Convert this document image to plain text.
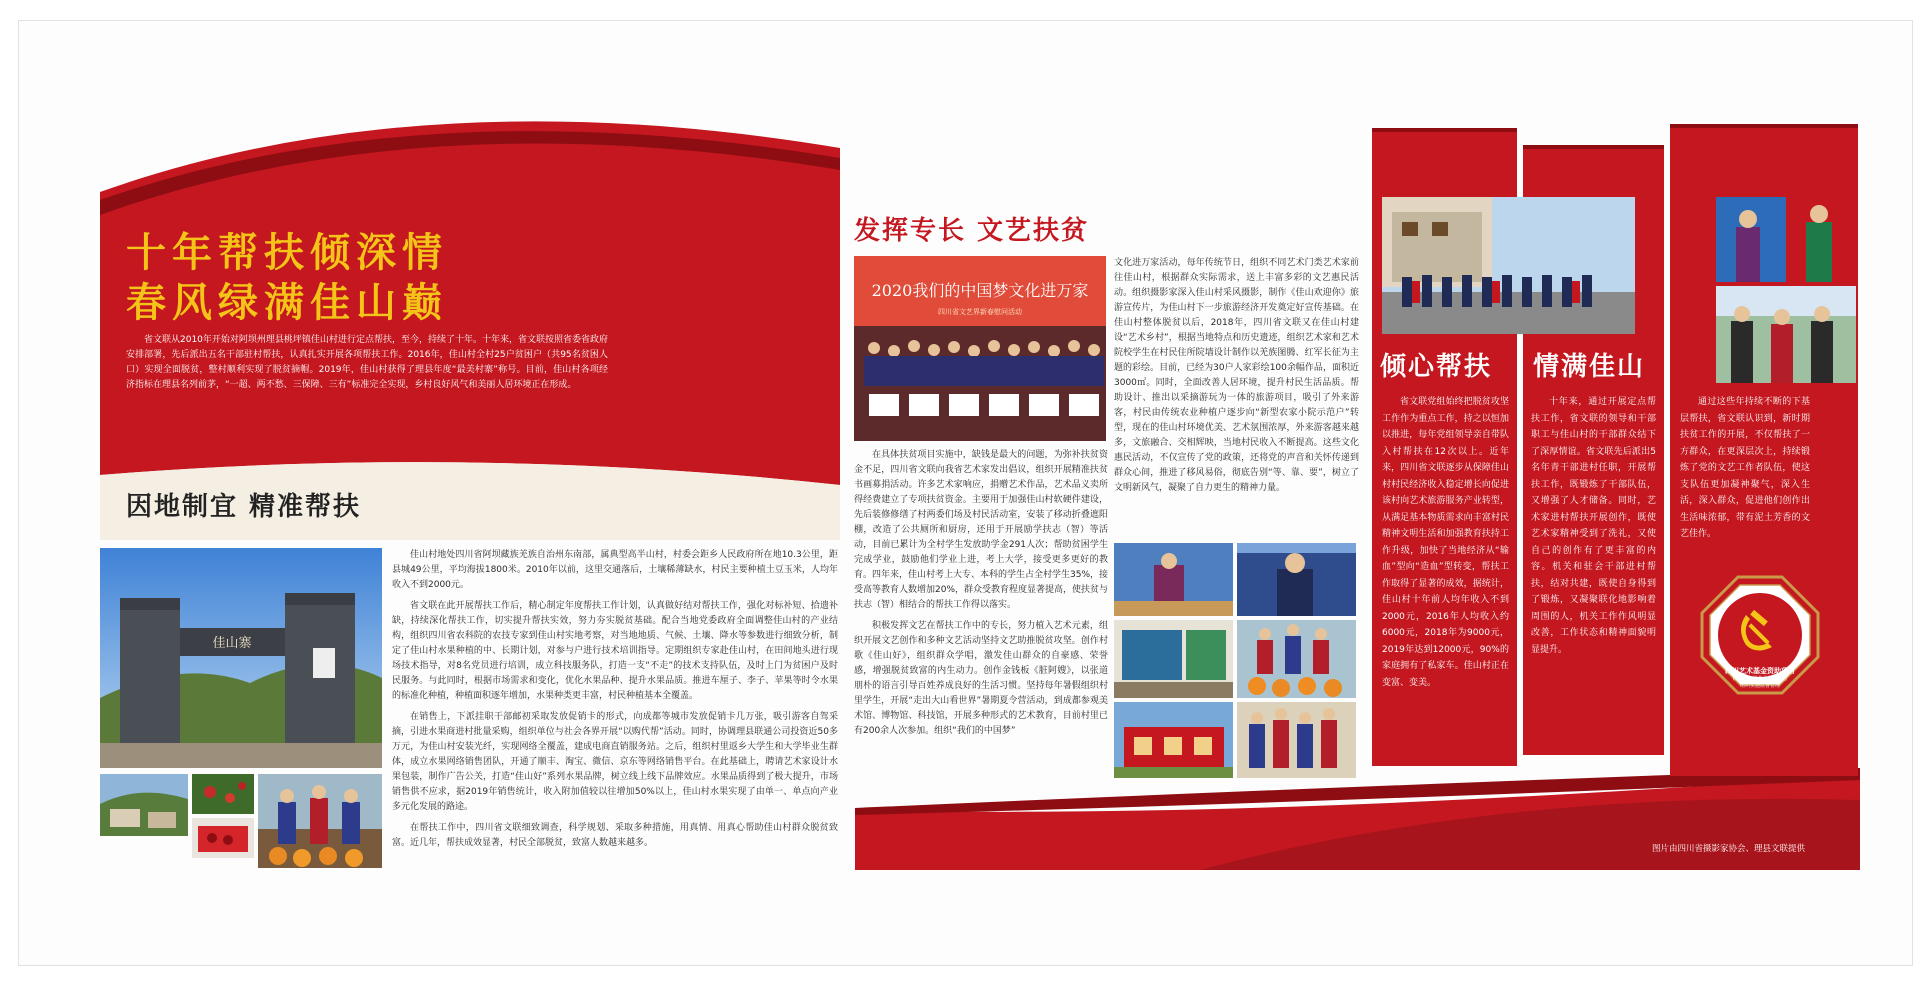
十年帮扶倾深情

春风绿满佳山巅

省文联从2010年开始对阿坝州理县桃坪镇佳山村进行定点帮扶，至今，持续了十年。十年来，省文联按照省委省政府安排部署，先后派出五名干部驻村帮扶，认真扎实开展各项帮扶工作。2016年，佳山村全村25户贫困户（共95名贫困人口）实现全面脱贫，整村顺利实现了脱贫摘帽。2019年，佳山村获得了理县年度“最美村寨”称号。目前，佳山村各项经济指标在理县名列前茅，“一超、两不愁、三保障、三有”标准完全实现，乡村良好风气和美丽人居环境正在形成。

因地制宜 精准帮扶

佳山寨

佳山村地处四川省阿坝藏族羌族自治州东南部，属典型高半山村，村委会距乡人民政府所在地10.3公里，距县城49公里，平均海拔1800米。2010年以前，这里交通落后，土壤稀薄缺水，村民主要种植土豆玉米，人均年收入不到2000元。

省文联在此开展帮扶工作后，精心制定年度帮扶工作计划，认真做好结对帮扶工作，强化对标补短、拾遗补缺，持续深化帮扶工作，切实提升帮扶实效，努力夯实脱贫基础。配合当地党委政府全面调整佳山村的产业结构，组织四川省农科院的农技专家到佳山村实地考察，对当地地质、气候、土壤、降水等参数进行细致分析，制定了佳山村水果种植的中、长期计划，对参与户进行技术培训指导。定期组织专家赴佳山村，在田间地头进行现场技术指导，对8名党员进行培训，成立科技服务队，打造一支“不走”的技术支持队伍，及时上门为贫困户及时民服务。与此同时，根据市场需求和变化，优化水果品种、提升水果品质。推进车厘子、李子、苹果等时令水果的标准化种植，种植面积逐年增加，水果种类更丰富，村民种植基本全覆盖。

在销售上，下派挂职干部邮初采取发放促销卡的形式，向成都等城市发放促销卡几万张，吸引游客自驾采摘，引进水果商进村批量采购，组织单位与社会各界开展“以购代帮”活动。同时，协调理县联通公司投资近50多万元，为佳山村安装光纤，实现网络全覆盖，建成电商直销服务站。之后，组织村里返乡大学生和大学毕业生群体，成立水果网络销售团队，开通了顺丰、淘宝、微信、京东等网络销售平台。在此基础上，聘请艺术家设计水果包装，制作广告公关，打造“佳山好”系列水果品牌，树立线上线下品牌效应。水果品质得到了极大提升，市场销售供不应求，据2019年销售统计，收入附加值较以往增加50%以上，佳山村水果实现了由单一、单点向产业多元化发展的路途。

在帮扶工作中，四川省文联细致调查，科学规划、采取多种措施，用真情、用真心帮助佳山村群众脱贫致富。近几年，帮扶成效显著，村民全部脱贫，致富人数越来越多。

发挥专长 文艺扶贫

2020我们的中国梦文化进万家
四川省文艺界新春慰问活动

在具体扶贫项目实施中，缺钱是最大的问题，为弥补扶贫资金不足，四川省文联向我省艺术家发出倡议，组织开展精准扶贫书画募捐活动。许多艺术家响应，捐赠艺术作品，艺术品义卖所得经费建立了专项扶贫资金。主要用于加强佳山村软硬件建设，先后装修修缮了村两委们场及村民活动室，安装了移动折叠遮阳棚，改造了公共厕所和厨房，还用于开展励学扶志（智）等活动，目前已累计为全村学生发放助学金291人次；帮助贫困学生完成学业，鼓励他们学业上进，考上大学，接受更多更好的教育。四年来，佳山村考上大专、本科的学生占全村学生35%，接受高等教育人数增加20%，群众受教育程度显著提高，使扶贫与扶志（智）相结合的帮扶工作得以落实。

积极发挥文艺在帮扶工作中的专长，努力植入艺术元素，组织开展文艺创作和多种文艺活动坚持文艺助推脱贫攻坚。创作村歌《佳山好》，组织群众学唱，激发佳山群众的自豪感、荣誉感，增强脱贫致富的内生动力。创作金钱板《脏阿嫂》，以张道朋朴的语言引导百姓养成良好的生活习惯。坚持每年暑假组织村里学生，开展“走出大山看世界”暑期夏令营活动，到成都参观美术馆、博物馆、科技馆，开展多种形式的艺术教育，目前村里已有200余人次参加。组织“我们的中国梦”

文化进万家活动，每年传统节日，组织不同艺术门类艺术家前往佳山村，根据群众实际需求，送上丰富多彩的文艺惠民活动。组织摄影家深入佳山村采风摄影，制作《佳山欢迎你》旅游宣传片，为佳山村下一步旅游经济开发奠定好宣传基础。在佳山村整体脱贫以后，2018年，四川省文联又在佳山村建设“艺术乡村”，根据当地特点和历史遗迹，组织艺术家和艺术院校学生在村民住所院墙设计制作以羌族图腾、红军长征为主题的彩绘。目前，已经为30户人家彩绘100余幅作品，面积近3000㎡。同时，全面改善人居环境，提升村民生活品质。帮助设计、推出以采摘游玩为一体的旅游项目，吸引了外来游客，村民由传统农业种植户逐步向“新型农家小院示范户”转型，现在的佳山村环境优美、艺术氛围浓厚，外来游客越来越多，文旅融合、交相辉映，当地村民收入不断提高。这些文化惠民活动，不仅宣传了党的政策，还将党的声音和关怀传递到群众心间，推进了移风易俗，彻底告别“等、靠、要”，树立了文明新风气，凝聚了自力更生的精神力量。

倾心帮扶 情满佳山

省文联党组始终把脱贫攻坚工作作为重点工作，持之以恒加以推进，每年党组领导亲自带队入村帮扶在12次以上。近年来，四川省文联逐步从保障佳山村村民经济收入稳定增长向促进该村向艺术旅游服务产业转型，从满足基本物质需求向丰富村民精神文明生活和加强教育扶持工作升级，加快了当地经济从“输血”型向“造血”型转变，帮扶工作取得了显著的成效，据统计，佳山村十年前人均年收入不到2000元，2016年人均收入约6000元，2018年为9000元，2019年达到12000元，90%的家庭拥有了私家车。佳山村正在变富、变美。

十年来，通过开展定点帮扶工作，省文联的领导和干部职工与佳山村的干部群众结下了深厚情谊。省文联先后派出5名年青干部进村任职，开展帮扶工作，既锻炼了干部队伍，又增强了人才储备。同时，艺术家进村帮扶开展创作，既使艺术家精神受到了洗礼，又使自己的创作有了更丰富的内容。机关和驻会干部进村帮扶，结对共建，既使自身得到了锻炼，又凝聚联化地影响着周围的人，机关工作作风明显改善，工作状态和精神面貌明显提升。

通过这些年持续不断的下基层帮扶，省文联认识到，新时期扶贫工作的开展，不仅帮扶了一方群众，在更深层次上，持续锻炼了党的文艺工作者队伍，使这支队伍更加凝神聚气，深入生活，深入群众，促进他们创作出生活味浓郁，带有泥土芳香的文艺佳作。

四川艺术基金资助项目
四川省文学艺术界联合会
组织实施监督管理
图片由四川省摄影家协会、理县文联提供
